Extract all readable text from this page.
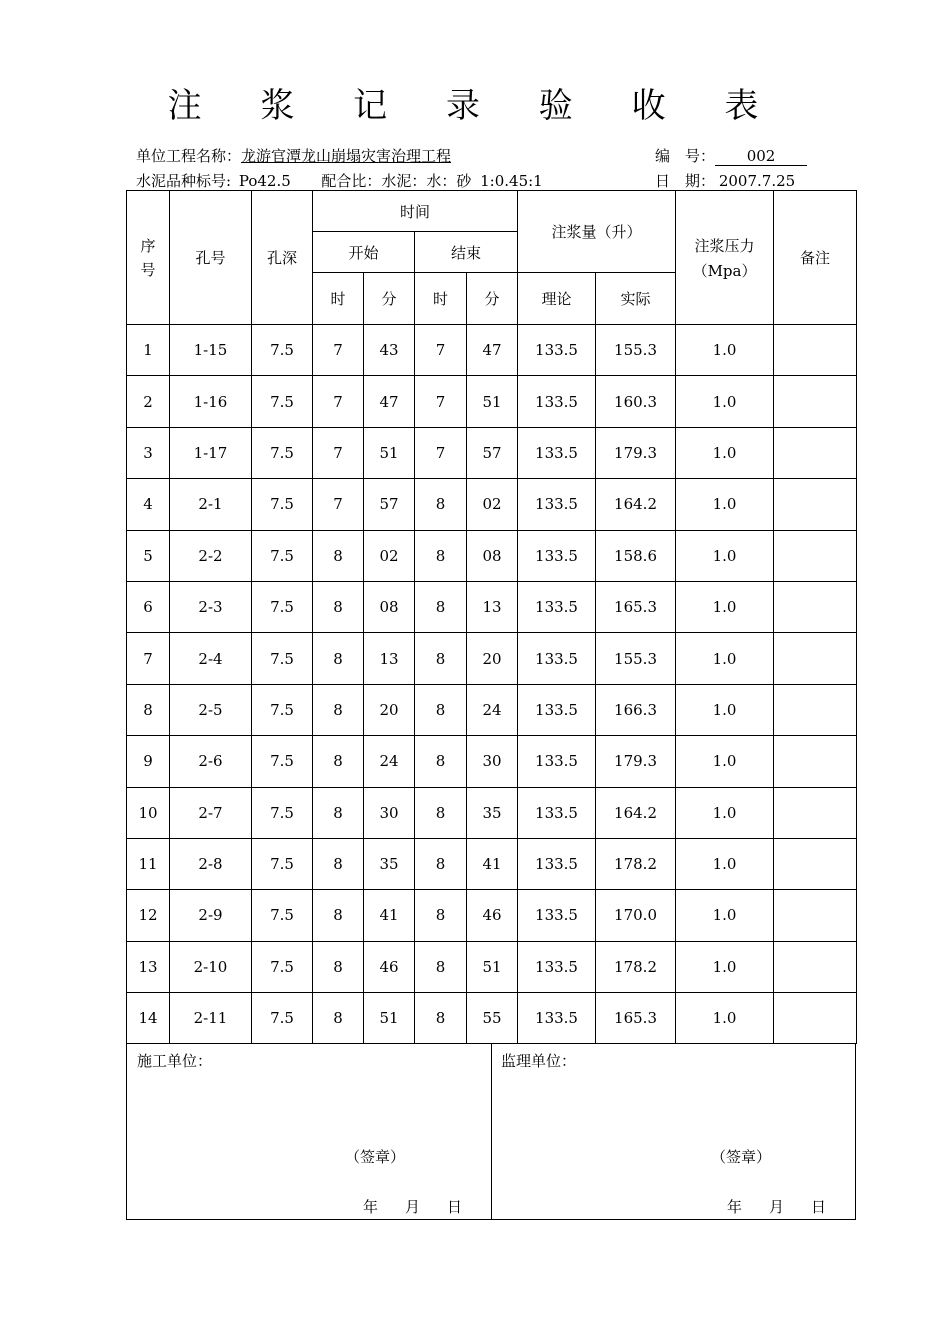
注 浆 记 录 验 收 表
单位工程名称：龙游官潭龙山崩塌灾害治理工程	编　号： 002
水泥品种标号: Po42.5 配合比：水泥：水：砂 1:0.45:1	日　期： 2007.7.25
序号	孔号	孔深	时间				注浆量（升）		注浆压力
（Mpa）	备注
			开始		结束					
			时	分	时	分	理论	实际		
1	1-15	7.5	7	43	7	47	133.5	155.3	1.0	
2	1-16	7.5	7	47	7	51	133.5	160.3	1.0	
3	1-17	7.5	7	51	7	57	133.5	179.3	1.0	
4	2-1	7.5	7	57	8	02	133.5	164.2	1.0	
5	2-2	7.5	8	02	8	08	133.5	158.6	1.0	
6	2-3	7.5	8	08	8	13	133.5	165.3	1.0	
7	2-4	7.5	8	13	8	20	133.5	155.3	1.0	
8	2-5	7.5	8	20	8	24	133.5	166.3	1.0	
9	2-6	7.5	8	24	8	30	133.5	179.3	1.0	
10	2-7	7.5	8	30	8	35	133.5	164.2	1.0	
11	2-8	7.5	8	35	8	41	133.5	178.2	1.0	
12	2-9	7.5	8	41	8	46	133.5	170.0	1.0	
13	2-10	7.5	8	46	8	51	133.5	178.2	1.0	
14	2-11	7.5	8	51	8	55	133.5	165.3	1.0	
施工单位：
（签章）
年 月 日
监理单位：
（签章）
年 月 日
